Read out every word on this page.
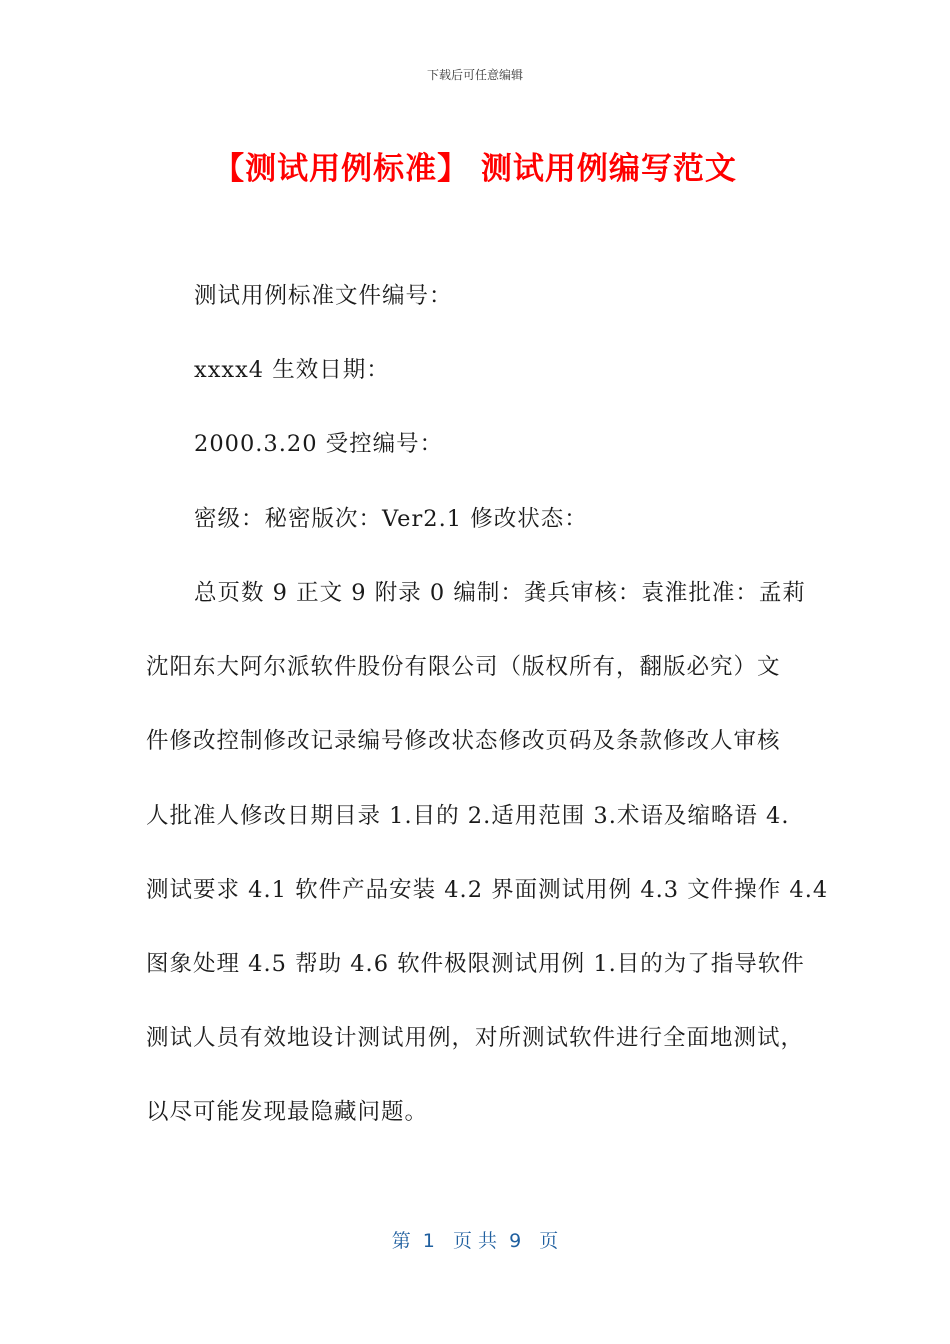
下载后可任意编辑
【测试用例标准】 测试用例编写范文
测试用例标准文件编号：
xxxx4 生效日期：
2000.3.20 受控编号：
密级：秘密版次：Ver2.1 修改状态：
总页数 9 正文 9 附录 0 编制：龚兵审核：袁淮批准：孟莉
沈阳东大阿尔派软件股份有限公司（版权所有，翻版必究）文
件修改控制修改记录编号修改状态修改页码及条款修改人审核
人批准人修改日期目录 1.目的 2.适用范围 3.术语及缩略语 4.
测试要求 4.1 软件产品安装 4.2 界面测试用例 4.3 文件操作 4.4
图象处理 4.5 帮助 4.6 软件极限测试用例 1.目的为了指导软件
测试人员有效地设计测试用例，对所测试软件进行全面地测试，
以尽可能发现最隐藏问题。
第  1   页 共  9   页
